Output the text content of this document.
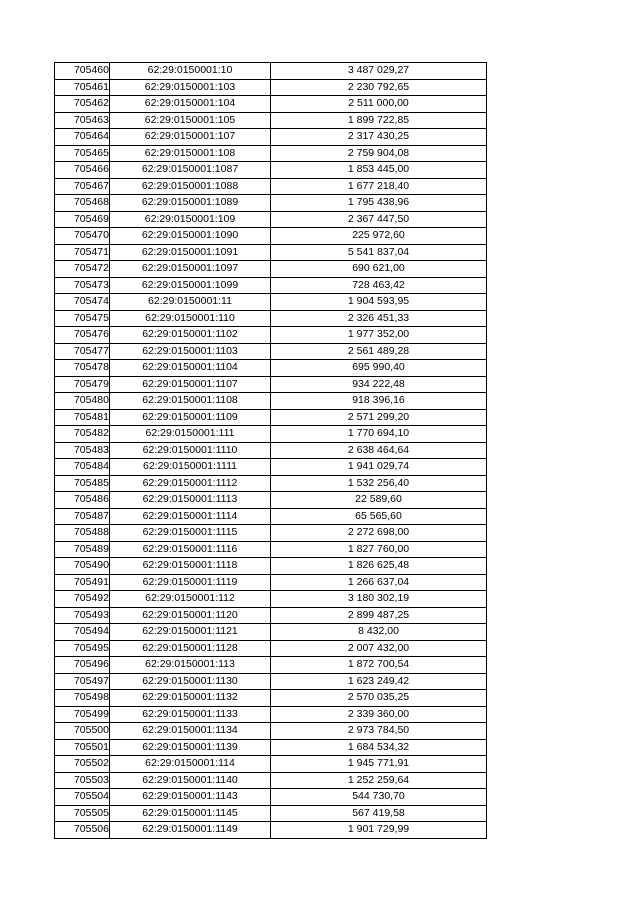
705460	62:29:0150001:10	3 487 029,27
705461	62:29:0150001:103	2 230 792,65
705462	62:29:0150001:104	2 511 000,00
705463	62:29:0150001:105	1 899 722,85
705464	62:29:0150001:107	2 317 430,25
705465	62:29:0150001:108	2 759 904,08
705466	62:29:0150001:1087	1 853 445,00
705467	62:29:0150001:1088	1 677 218,40
705468	62:29:0150001:1089	1 795 438,96
705469	62:29:0150001:109	2 367 447,50
705470	62:29:0150001:1090	225 972,60
705471	62:29:0150001:1091	5 541 837,04
705472	62:29:0150001:1097	690 621,00
705473	62:29:0150001:1099	728 463,42
705474	62:29:0150001:11	1 904 593,95
705475	62:29:0150001:110	2 326 451,33
705476	62:29:0150001:1102	1 977 352,00
705477	62:29:0150001:1103	2 561 489,28
705478	62:29:0150001:1104	695 990,40
705479	62:29:0150001:1107	934 222,48
705480	62:29:0150001:1108	918 396,16
705481	62:29:0150001:1109	2 571 299,20
705482	62:29:0150001:111	1 770 694,10
705483	62:29:0150001:1110	2 638 464,64
705484	62:29:0150001:1111	1 941 029,74
705485	62:29:0150001:1112	1 532 256,40
705486	62:29:0150001:1113	22 589,60
705487	62:29:0150001:1114	65 565,60
705488	62:29:0150001:1115	2 272 698,00
705489	62:29:0150001:1116	1 827 760,00
705490	62:29:0150001:1118	1 826 625,48
705491	62:29:0150001:1119	1 266 637,04
705492	62:29:0150001:112	3 180 302,19
705493	62:29:0150001:1120	2 899 487,25
705494	62:29:0150001:1121	8 432,00
705495	62:29:0150001:1128	2 007 432,00
705496	62:29:0150001:113	1 872 700,54
705497	62:29:0150001:1130	1 623 249,42
705498	62:29:0150001:1132	2 570 035,25
705499	62:29:0150001:1133	2 339 360,00
705500	62:29:0150001:1134	2 973 784,50
705501	62:29:0150001:1139	1 684 534,32
705502	62:29:0150001:114	1 945 771,91
705503	62:29:0150001:1140	1 252 259,64
705504	62:29:0150001:1143	544 730,70
705505	62:29:0150001:1145	567 419,58
705506	62:29:0150001:1149	1 901 729,99
